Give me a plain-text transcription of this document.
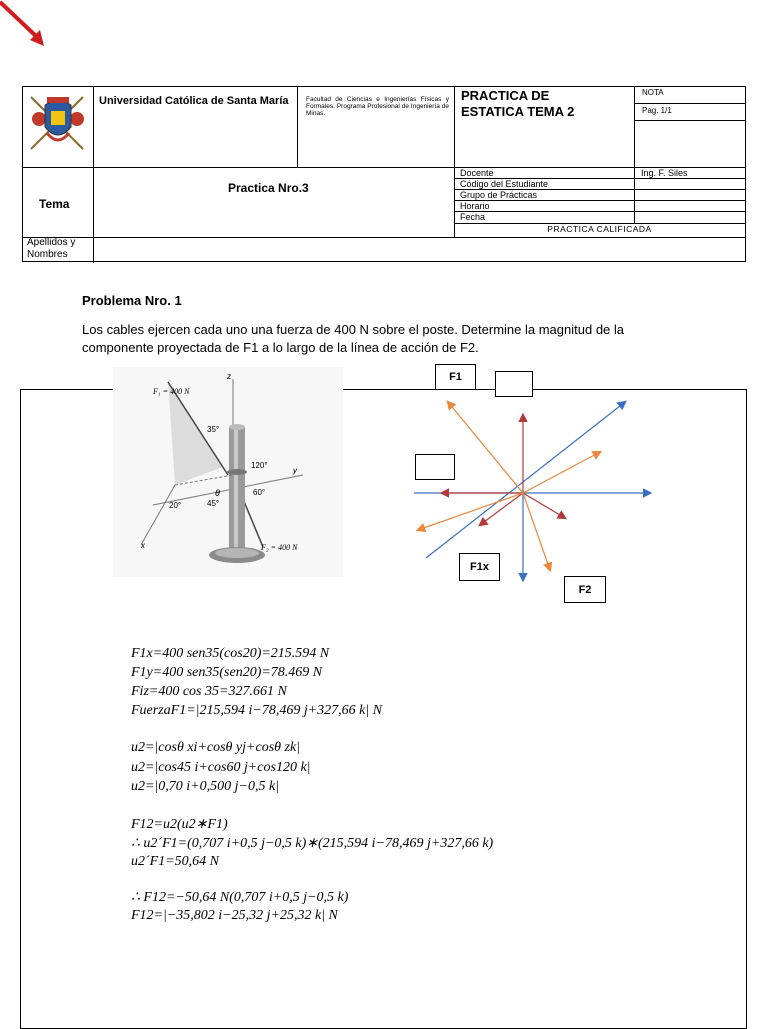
Universidad Católica de Santa María	Facultad de Ciencias e Ingenierías Físicas y Formales. Programa Profesional de Ingeniería de Minas.
PRACTICA DE ESTATICA TEMA 2
NOTA
Pag. 1/1
Tema
Practica Nro.3
Docente	Ing. F. Siles
Código del Estudiante
Grupo de Prácticas
Horario
Fecha
PRACTICA CALIFICADA
Apellidos y Nombres
Problema Nro. 1
Los cables ejercen cada uno una fuerza de 400 N sobre el poste. Determine la magnitud de la componente proyectada de F1 a lo largo de la línea de acción de F2.
F₁ = 400 N
F₂ = 400 N
35°
120°
60°
20°	45°
θ
z
y
x
F1
F1x
F2
F1x=400 sen35(cos20)=215.594 N
F1y=400 sen35(sen20)=78.469 N
Fiz=400 cos 35=327.661 N
FuerzaF1=|215,594 i−78,469 j+327,66 k| N
u2=|cosθ xi+cosθ yj+cosθ zk|
u2=|cos45 i+cos60 j+cos120 k|
u2=|0,70 i+0,500 j−0,5 k|
F12=u2(u2∗F1)
∴ u2´F1=(0,707 i+0,5 j−0,5 k)∗(215,594 i−78,469 j+327,66 k)
u2´F1=50,64 N
∴ F12=−50,64 N(0,707 i+0,5 j−0,5 k)
F12=|−35,802 i−25,32 j+25,32 k| N
